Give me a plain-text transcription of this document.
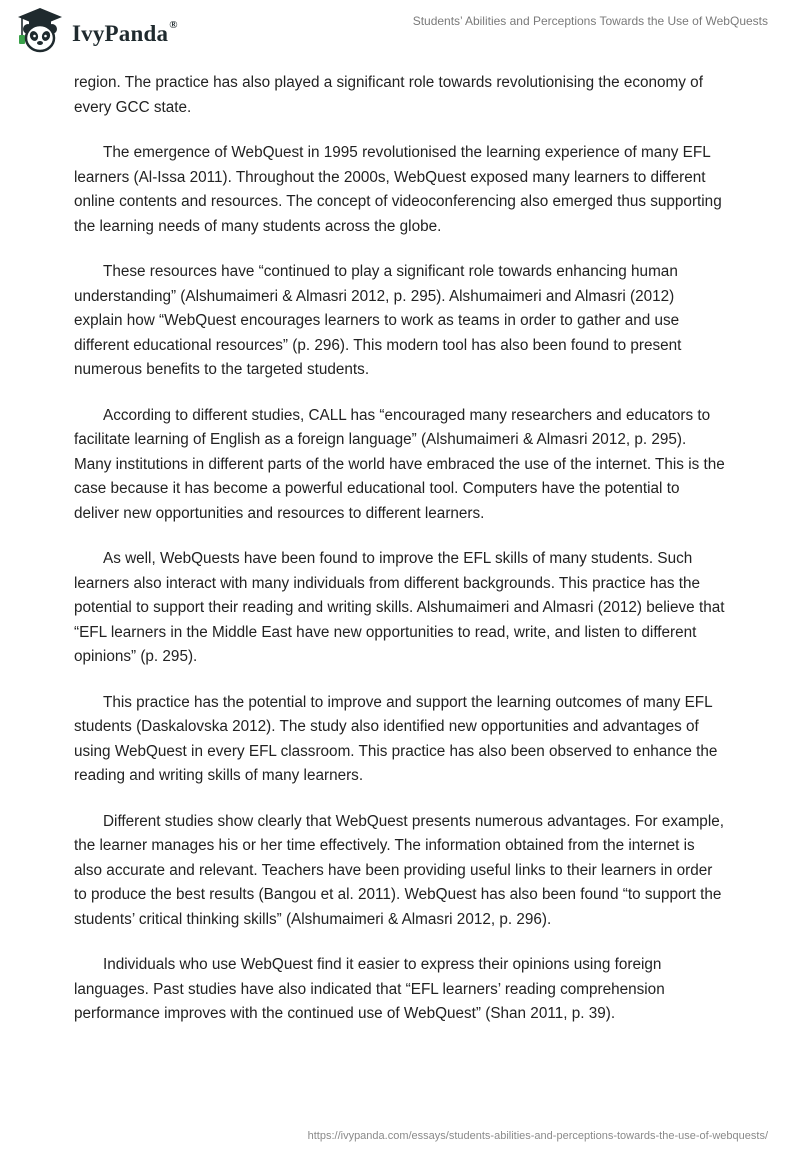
IvyPanda®	Students’ Abilities and Perceptions Towards the Use of WebQuests

region. The practice has also played a significant role towards revolutionising the economy of every GCC state.

The emergence of WebQuest in 1995 revolutionised the learning experience of many EFL learners (Al-Issa 2011). Throughout the 2000s, WebQuest exposed many learners to different online contents and resources. The concept of videoconferencing also emerged thus supporting the learning needs of many students across the globe.

These resources have “continued to play a significant role towards enhancing human understanding” (Alshumaimeri & Almasri 2012, p. 295). Alshumaimeri and Almasri (2012) explain how “WebQuest encourages learners to work as teams in order to gather and use different educational resources” (p. 296). This modern tool has also been found to present numerous benefits to the targeted students.

According to different studies, CALL has “encouraged many researchers and educators to facilitate learning of English as a foreign language” (Alshumaimeri & Almasri 2012, p. 295). Many institutions in different parts of the world have embraced the use of the internet. This is the case because it has become a powerful educational tool. Computers have the potential to deliver new opportunities and resources to different learners.

As well, WebQuests have been found to improve the EFL skills of many students. Such learners also interact with many individuals from different backgrounds. This practice has the potential to support their reading and writing skills. Alshumaimeri and Almasri (2012) believe that “EFL learners in the Middle East have new opportunities to read, write, and listen to different opinions” (p. 295).

This practice has the potential to improve and support the learning outcomes of many EFL students (Daskalovska 2012). The study also identified new opportunities and advantages of using WebQuest in every EFL classroom. This practice has also been observed to enhance the reading and writing skills of many learners.

Different studies show clearly that WebQuest presents numerous advantages. For example, the learner manages his or her time effectively. The information obtained from the internet is also accurate and relevant. Teachers have been providing useful links to their learners in order to produce the best results (Bangou et al. 2011). WebQuest has also been found “to support the students’ critical thinking skills” (Alshumaimeri & Almasri 2012, p. 296).

Individuals who use WebQuest find it easier to express their opinions using foreign languages. Past studies have also indicated that “EFL learners’ reading comprehension performance improves with the continued use of WebQuest” (Shan 2011, p. 39).

https://ivypanda.com/essays/students-abilities-and-perceptions-towards-the-use-of-webquests/
